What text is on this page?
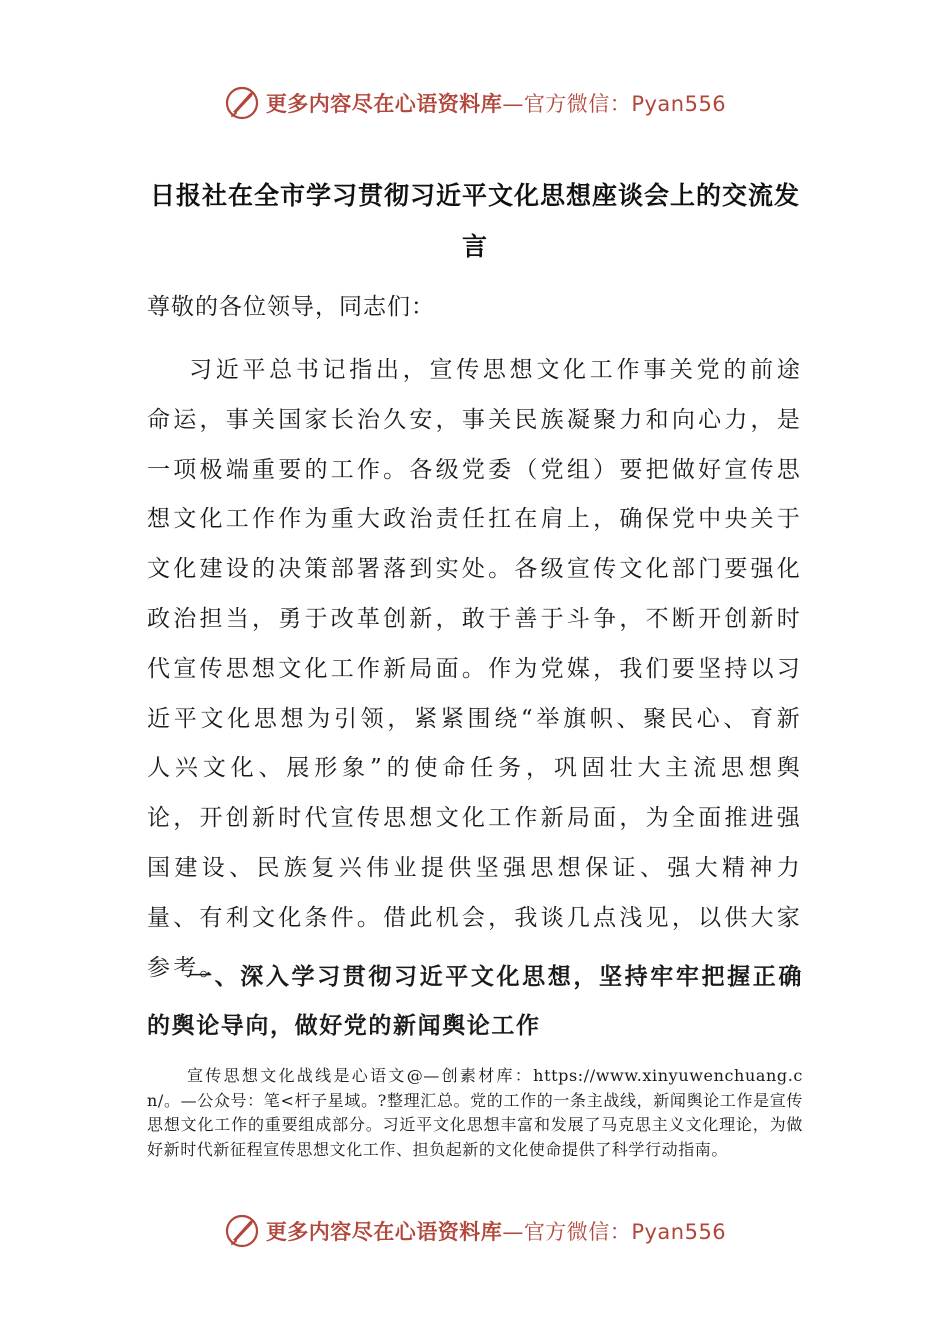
更多内容尽在心语资料库—官方微信：Pyan556
日报社在全市学习贯彻习近平文化思想座谈会上的交流发言
尊敬的各位领导，同志们：

习近平总书记指出，宣传思想文化工作事关党的前途命运，事关国家长治久安，事关民族凝聚力和向心力，是一项极端重要的工作。各级党委（党组）要把做好宣传思想文化工作作为重大政治责任扛在肩上，确保党中央关于文化建设的决策部署落到实处。各级宣传文化部门要强化政治担当，勇于改革创新，敢于善于斗争，不断开创新时代宣传思想文化工作新局面。作为党媒，我们要坚持以习近平文化思想为引领，紧紧围绕“举旗帜、聚民心、育新人兴文化、展形象”的使命任务，巩固壮大主流思想舆论，开创新时代宣传思想文化工作新局面，为全面推进强国建设、民族复兴伟业提供坚强思想保证、强大精神力量、有利文化条件。借此机会，我谈几点浅见，以供大家参考。

一、深入学习贯彻习近平文化思想，坚持牢牢把握正确的舆论导向，做好党的新闻舆论工作

宣传思想文化战线是心语文@—创素材库：https://www.xinyuwenchuang.cn/。—公众号：笔<杆子星域。?整理汇总。党的工作的一条主战线，新闻舆论工作是宣传思想文化工作的重要组成部分。习近平文化思想丰富和发展了马克思主义文化理论，为做好新时代新征程宣传思想文化工作、担负起新的文化使命提供了科学行动指南。

更多内容尽在心语资料库—官方微信：Pyan556
